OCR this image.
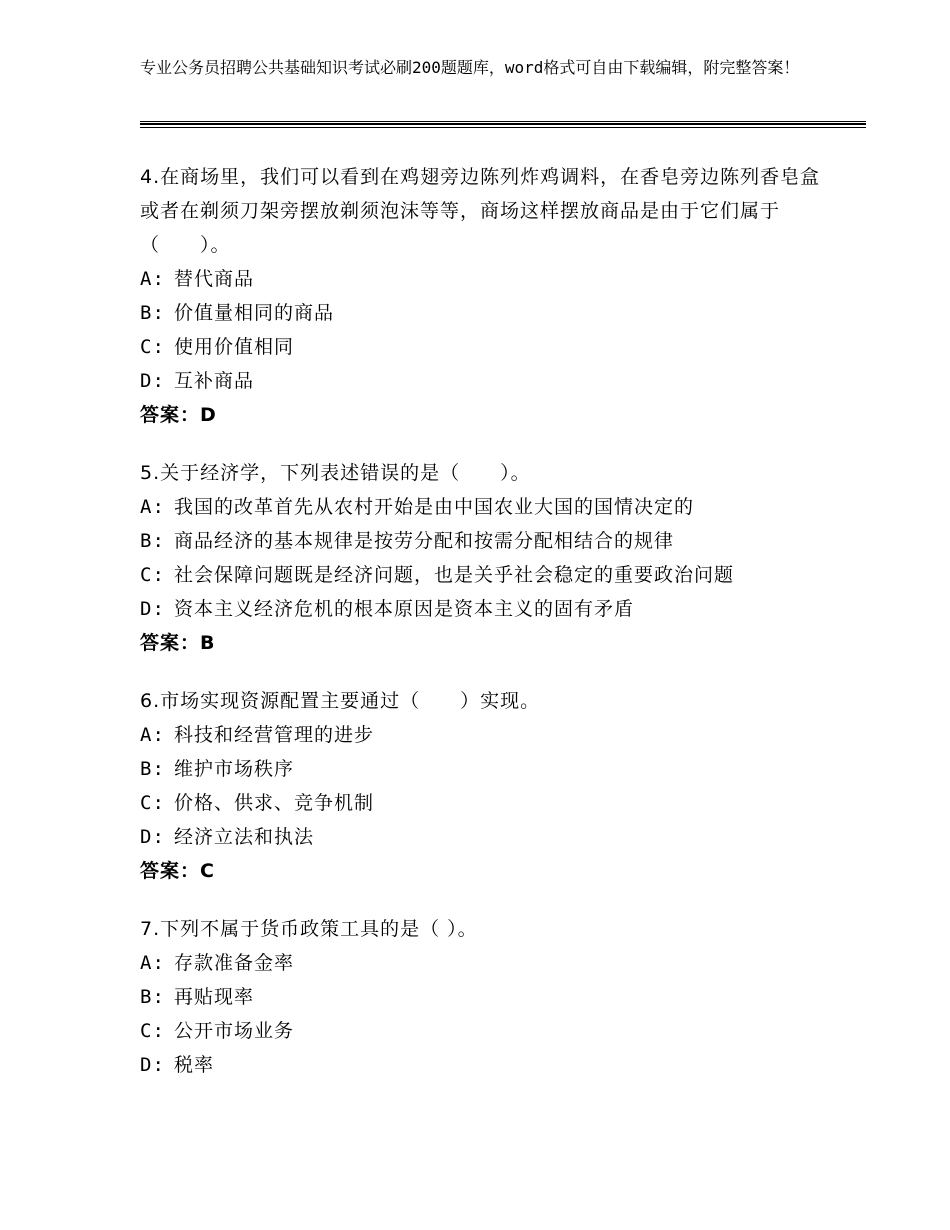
专业公务员招聘公共基础知识考试必刷200题题库，word格式可自由下载编辑，附完整答案！
4.在商场里，我们可以看到在鸡翅旁边陈列炸鸡调料，在香皂旁边陈列香皂盒或者在剃须刀架旁摆放剃须泡沫等等，商场这样摆放商品是由于它们属于（　　）。
A: 替代商品
B: 价值量相同的商品
C: 使用价值相同
D: 互补商品
答案：D
5.关于经济学，下列表述错误的是（　　）。
A: 我国的改革首先从农村开始是由中国农业大国的国情决定的
B: 商品经济的基本规律是按劳分配和按需分配相结合的规律
C: 社会保障问题既是经济问题，也是关乎社会稳定的重要政治问题
D: 资本主义经济危机的根本原因是资本主义的固有矛盾
答案：B
6.市场实现资源配置主要通过（　　）实现。
A: 科技和经营管理的进步
B: 维护市场秩序
C: 价格、供求、竞争机制
D: 经济立法和执法
答案：C
7.下列不属于货币政策工具的是（ ）。
A: 存款准备金率
B: 再贴现率
C: 公开市场业务
D: 税率
